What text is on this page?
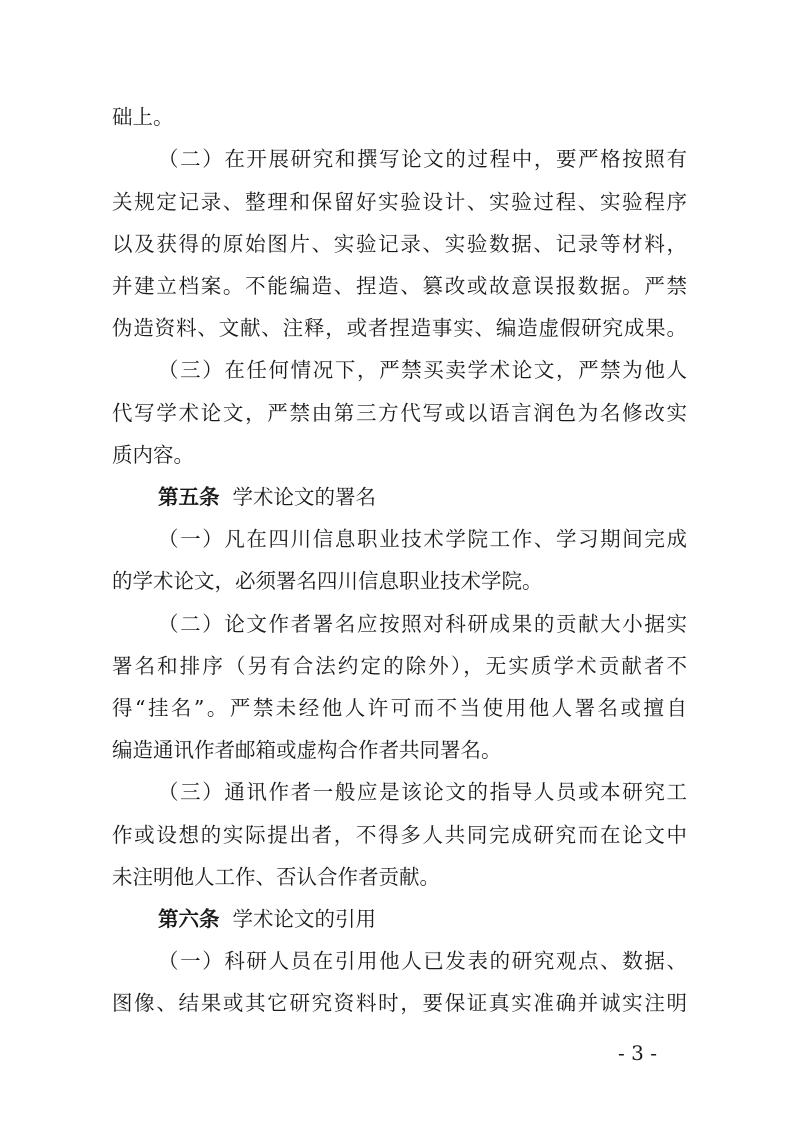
础上。
（二）在开展研究和撰写论文的过程中，要严格按照有
关规定记录、整理和保留好实验设计、实验过程、实验程序
以及获得的原始图片、实验记录、实验数据、记录等材料，
并建立档案。不能编造、捏造、篡改或故意误报数据。严禁
伪造资料、文献、注释，或者捏造事实、编造虚假研究成果。
（三）在任何情况下，严禁买卖学术论文，严禁为他人
代写学术论文，严禁由第三方代写或以语言润色为名修改实
质内容。
第五条 学术论文的署名
（一）凡在四川信息职业技术学院工作、学习期间完成
的学术论文，必须署名四川信息职业技术学院。
（二）论文作者署名应按照对科研成果的贡献大小据实
署名和排序（另有合法约定的除外），无实质学术贡献者不
得“挂名”。严禁未经他人许可而不当使用他人署名或擅自
编造通讯作者邮箱或虚构合作者共同署名。
（三）通讯作者一般应是该论文的指导人员或本研究工
作或设想的实际提出者，不得多人共同完成研究而在论文中
未注明他人工作、否认合作者贡献。
第六条 学术论文的引用
（一）科研人员在引用他人已发表的研究观点、数据、
图像、结果或其它研究资料时，要保证真实准确并诚实注明
- 3 -
